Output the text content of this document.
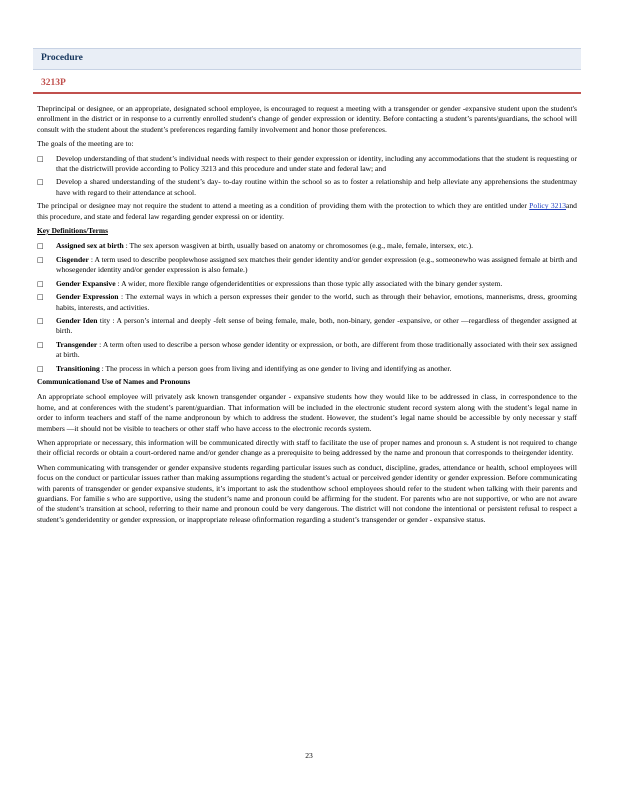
Procedure
3213P

Theprincipal or designee, or an appropriate, designated school employee, is encouraged to request a meeting with a transgender or gender -expansive student upon the student's enrollment in the district or in response to a currently enrolled student's change of gender expression or identity. Before contacting a student’s parents/guardians, the school will consult with the student about the student’s preferences regarding family involvement and honor those preferences.

The goals of the meeting are to:

□	Develop understanding of that student’s individual needs with respect to their gender expression or identity, including any accommodations that the student is requesting or that the districtwill provide according to Policy 3213 and this procedure and under state and federal law; and
□	Develop a shared understanding of the student’s day- to-day routine within the school so as to foster a relationship and help alleviate any apprehensions the studentmay have with regard to their attendance at school.

The principal or designee may not require the student to attend a meeting as a condition of providing them with the protection to which they are entitled under Policy 3213and this procedure, and state and federal law regarding gender expressi on or identity.

Key Definitions/Terms
□	Assigned sex at birth : The sex aperson wasgiven at birth, usually based on anatomy or chromosomes (e.g., male, female, intersex, etc.).
□	Cisgender : A term used to describe peoplewhose assigned sex matches their gender identity and/or gender expression (e.g., someonewho was assigned female at birth and whosegender identity and/or gender expression is also female.)
□	Gender Expansive : A wider, more flexible range ofgenderidentities or expressions than those typic ally associated with the binary gender system.
□	Gender Expression : The external ways in which a person expresses their gender to the world, such as through their behavior, emotions, mannerisms, dress, grooming habits, interests, and activities.
□	Gender Iden tity : A person’s internal and deeply -felt sense of being female, male, both, non-binary, gender -expansive, or other —regardless of thegender assigned at birth.
□	Transgender : A term often used to describe a person whose gender identity or expression, or both, are different from those traditionally associated with their sex assigned at birth.
□	Transitioning : The process in which a person goes from living and identifying as one gender to living and identifying as another.
Communicationand Use of Names and Pronouns

An appropriate school employee will privately ask known transgender organder - expansive students how they would like to be addressed in class, in correspondence to the home, and at conferences with the student’s parent/guardian. That information will be included in the electronic student record system along with the student’s legal name in order to inform teachers and staff of the name andpronoun by which to address the student. However, the student’s legal name should be accessible by only necessar y staff members —it should not be visible to teachers or other staff who have access to the electronic records system.

When appropriate or necessary, this information will be communicated directly with staff to facilitate the use of proper names and pronoun s. A student is not required to change their official records or obtain a court-ordered name and/or gender change as a prerequisite to being addressed by the name and pronoun that corresponds to theirgender identity.

When communicating with transgender or gender expansive students regarding particular issues such as conduct, discipline, grades, attendance or health, school employees will focus on the conduct or particular issues rather than making assumptions regarding the student’s actual or perceived gender identity or gender expression. Before communicating with parents of transgender or gender expansive students, it’s important to ask the studenthow school employees should refer to the student when talking with their parents and guardians. For familie s who are supportive, using the student’s name and pronoun could be affirming for the student. For parents who are not supportive, or who are not aware of the student’s transition at school, referring to their name and pronoun could be very dangerous. The district will not condone the intentional or persistent refusal to respect a student’s genderidentity or gender expression, or inappropriate release ofinformation regarding a student’s transgender or gender - expansive status.

23
